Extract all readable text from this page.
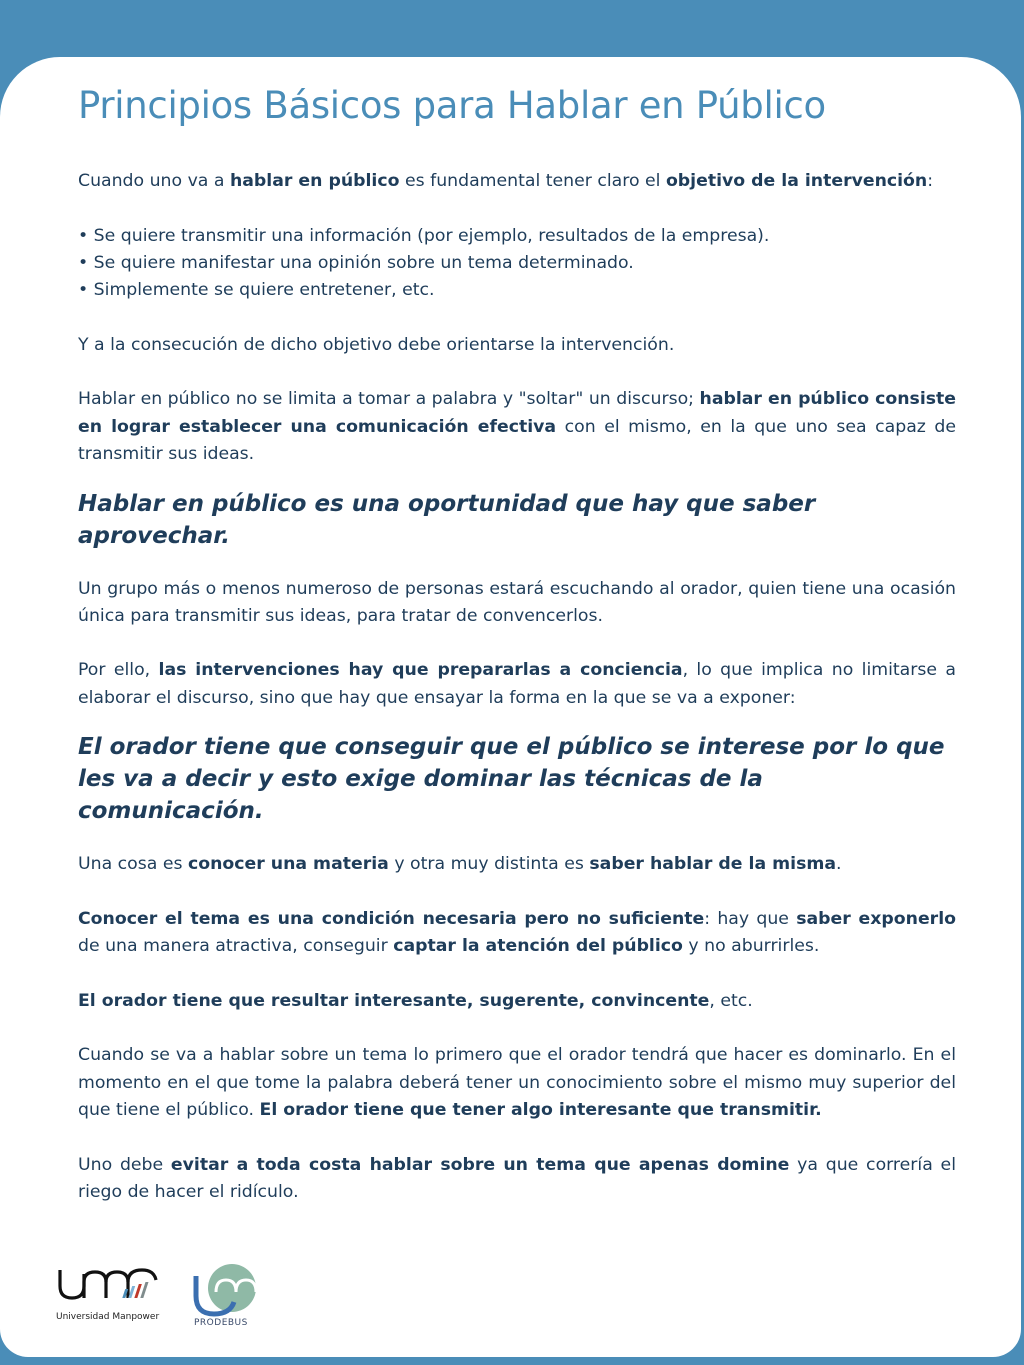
Principios Básicos para Hablar en Público

Cuando uno va a hablar en público es fundamental tener claro el objetivo de la intervención:

• Se quiere transmitir una información (por ejemplo, resultados de la empresa).
• Se quiere manifestar una opinión sobre un tema determinado.
• Simplemente se quiere entretener, etc.

Y a la consecución de dicho objetivo debe orientarse la intervención.

Hablar en público no se limita a tomar a palabra y "soltar" un discurso; hablar en público consiste en lograr establecer una comunicación efectiva con el mismo, en la que uno sea capaz de transmitir sus ideas.

Hablar en público es una oportunidad que hay que saber aprovechar.

Un grupo más o menos numeroso de personas estará escuchando al orador, quien tiene una ocasión única para transmitir sus ideas, para tratar de convencerlos.

Por ello, las intervenciones hay que prepararlas a conciencia, lo que implica no limitarse a elaborar el discurso, sino que hay que ensayar la forma en la que se va a exponer:

El orador tiene que conseguir que el público se interese por lo que les va a decir y esto exige dominar las técnicas de la comunicación.

Una cosa es conocer una materia y otra muy distinta es saber hablar de la misma.

Conocer el tema es una condición necesaria pero no suficiente: hay que saber exponerlo de una manera atractiva, conseguir captar la atención del público y no aburrirles.

El orador tiene que resultar interesante, sugerente, convincente, etc.

Cuando se va a hablar sobre un tema lo primero que el orador tendrá que hacer es dominarlo. En el momento en el que tome la palabra deberá tener un conocimiento sobre el mismo muy superior del que tiene el público. El orador tiene que tener algo interesante que transmitir.

Uno debe evitar a toda costa hablar sobre un tema que apenas domine ya que correría el riego de hacer el ridículo.

Universidad Manpower
PRODEBUS
